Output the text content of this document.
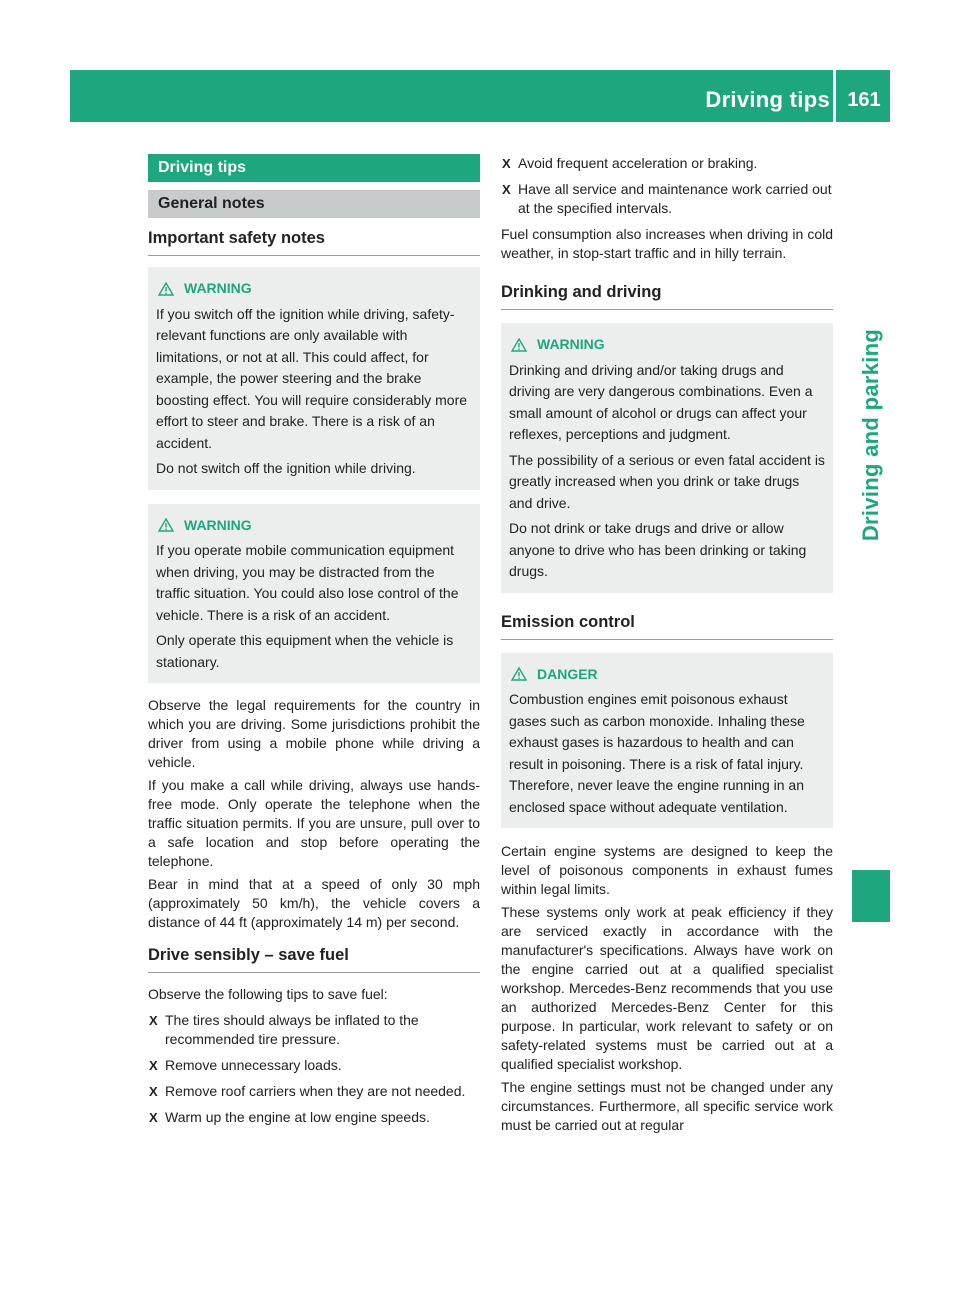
Driving tips 161
Driving and parking
Driving tips
General notes
Important safety notes
WARNING

If you switch off the ignition while driving, safety-relevant functions are only available with limitations, or not at all. This could affect, for example, the power steering and the brake boosting effect. You will require considerably more effort to steer and brake. There is a risk of an accident.

Do not switch off the ignition while driving.

WARNING

If you operate mobile communication equipment when driving, you may be distracted from the traffic situation. You could also lose control of the vehicle. There is a risk of an accident.

Only operate this equipment when the vehicle is stationary.

Observe the legal requirements for the country in which you are driving. Some jurisdictions prohibit the driver from using a mobile phone while driving a vehicle.

If you make a call while driving, always use hands-free mode. Only operate the telephone when the traffic situation permits. If you are unsure, pull over to a safe location and stop before operating the telephone.

Bear in mind that at a speed of only 30 mph (approximately 50 km/h), the vehicle covers a distance of 44 ft (approximately 14 m) per second.

Drive sensibly – save fuel

Observe the following tips to save fuel:

X The tires should always be inflated to the recommended tire pressure.
X Remove unnecessary loads.
X Remove roof carriers when they are not needed.
X Warm up the engine at low engine speeds.
X Avoid frequent acceleration or braking.
X Have all service and maintenance work carried out at the specified intervals.

Fuel consumption also increases when driving in cold weather, in stop-start traffic and in hilly terrain.

Drinking and driving
WARNING

Drinking and driving and/or taking drugs and driving are very dangerous combinations. Even a small amount of alcohol or drugs can affect your reflexes, perceptions and judgment.

The possibility of a serious or even fatal accident is greatly increased when you drink or take drugs and drive.

Do not drink or take drugs and drive or allow anyone to drive who has been drinking or taking drugs.

Emission control
DANGER

Combustion engines emit poisonous exhaust gases such as carbon monoxide. Inhaling these exhaust gases is hazardous to health and can result in poisoning. There is a risk of fatal injury. Therefore, never leave the engine running in an enclosed space without adequate ventilation.

Certain engine systems are designed to keep the level of poisonous components in exhaust fumes within legal limits.

These systems only work at peak efficiency if they are serviced exactly in accordance with the manufacturer's specifications. Always have work on the engine carried out at a qualified specialist workshop. Mercedes-Benz recommends that you use an authorized Mercedes-Benz Center for this purpose. In particular, work relevant to safety or on safety-related systems must be carried out at a qualified specialist workshop.

The engine settings must not be changed under any circumstances. Furthermore, all specific service work must be carried out at regular
